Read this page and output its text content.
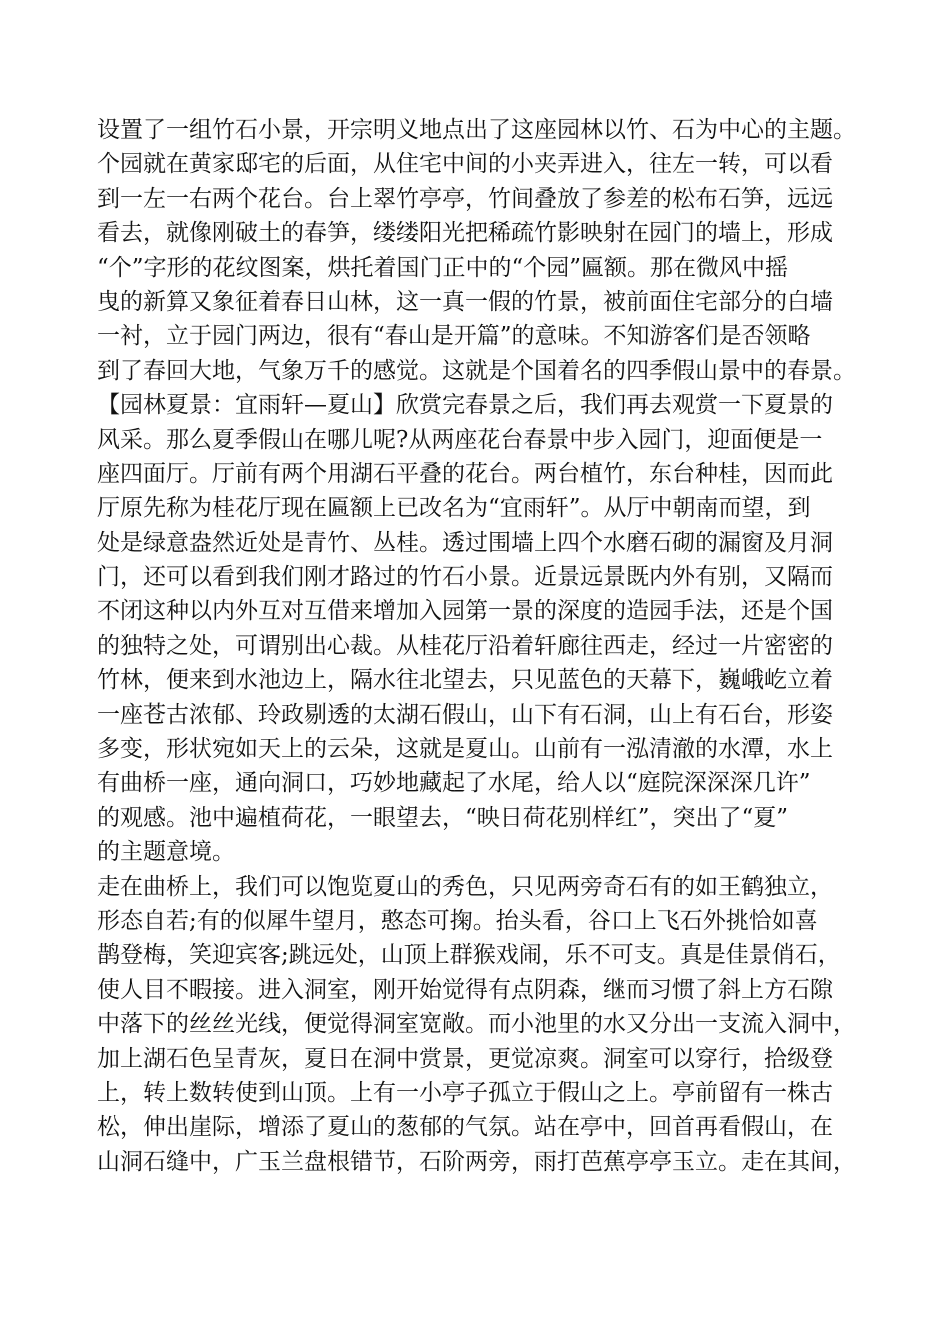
设置了一组竹石小景，开宗明义地点出了这座园林以竹、石为中心的主题。
个园就在黄家邸宅的后面，从住宅中间的小夹弄进入，往左一转，可以看
到一左一右两个花台。台上翠竹亭亭，竹间叠放了参差的松布石笋，远远
看去，就像刚破土的春笋，缕缕阳光把稀疏竹影映射在园门的墙上，形成
“个”字形的花纹图案，烘托着国门正中的“个园”匾额。那在微风中摇
曳的新算又象征着春日山林，这一真一假的竹景，被前面住宅部分的白墙
一衬，立于园门两边，很有“春山是开篇”的意味。不知游客们是否领略
到了春回大地，气象万千的感觉。这就是个国着名的四季假山景中的春景。
【园林夏景：宜雨轩—夏山】欣赏完春景之后，我们再去观赏一下夏景的
风采。那么夏季假山在哪儿呢?从两座花台春景中步入园门，迎面便是一
座四面厅。厅前有两个用湖石平叠的花台。两台植竹，东台种桂，因而此
厅原先称为桂花厅现在匾额上已改名为“宜雨轩”。从厅中朝南而望，到
处是绿意盎然近处是青竹、丛桂。透过围墙上四个水磨石砌的漏窗及月洞
门，还可以看到我们刚才路过的竹石小景。近景远景既内外有别，又隔而
不闭这种以内外互对互借来增加入园第一景的深度的造园手法，还是个国
的独特之处，可谓别出心裁。从桂花厅沿着轩廊往西走，经过一片密密的
竹林，便来到水池边上，隔水往北望去，只见蓝色的天幕下，巍峨屹立着
一座苍古浓郁、玲政剔透的太湖石假山，山下有石洞，山上有石台，形姿
多变，形状宛如天上的云朵，这就是夏山。山前有一泓清澈的水潭，水上
有曲桥一座，通向洞口，巧妙地藏起了水尾，给人以“庭院深深深几许”
的观感。池中遍植荷花，一眼望去，“映日荷花别样红”，突出了“夏”
的主题意境。
走在曲桥上，我们可以饱览夏山的秀色，只见两旁奇石有的如王鹤独立，
形态自若;有的似犀牛望月，憨态可掬。抬头看，谷口上飞石外挑恰如喜
鹊登梅，笑迎宾客;跳远处，山顶上群猴戏闹，乐不可支。真是佳景俏石，
使人目不暇接。进入洞室，刚开始觉得有点阴森，继而习惯了斜上方石隙
中落下的丝丝光线，便觉得洞室宽敞。而小池里的水又分出一支流入洞中，
加上湖石色呈青灰，夏日在洞中赏景，更觉凉爽。洞室可以穿行，拾级登
上，转上数转使到山顶。上有一小亭子孤立于假山之上。亭前留有一株古
松，伸出崖际，增添了夏山的葱郁的气氛。站在亭中，回首再看假山，在
山洞石缝中，广玉兰盘根错节，石阶两旁，雨打芭蕉亭亭玉立。走在其间，
